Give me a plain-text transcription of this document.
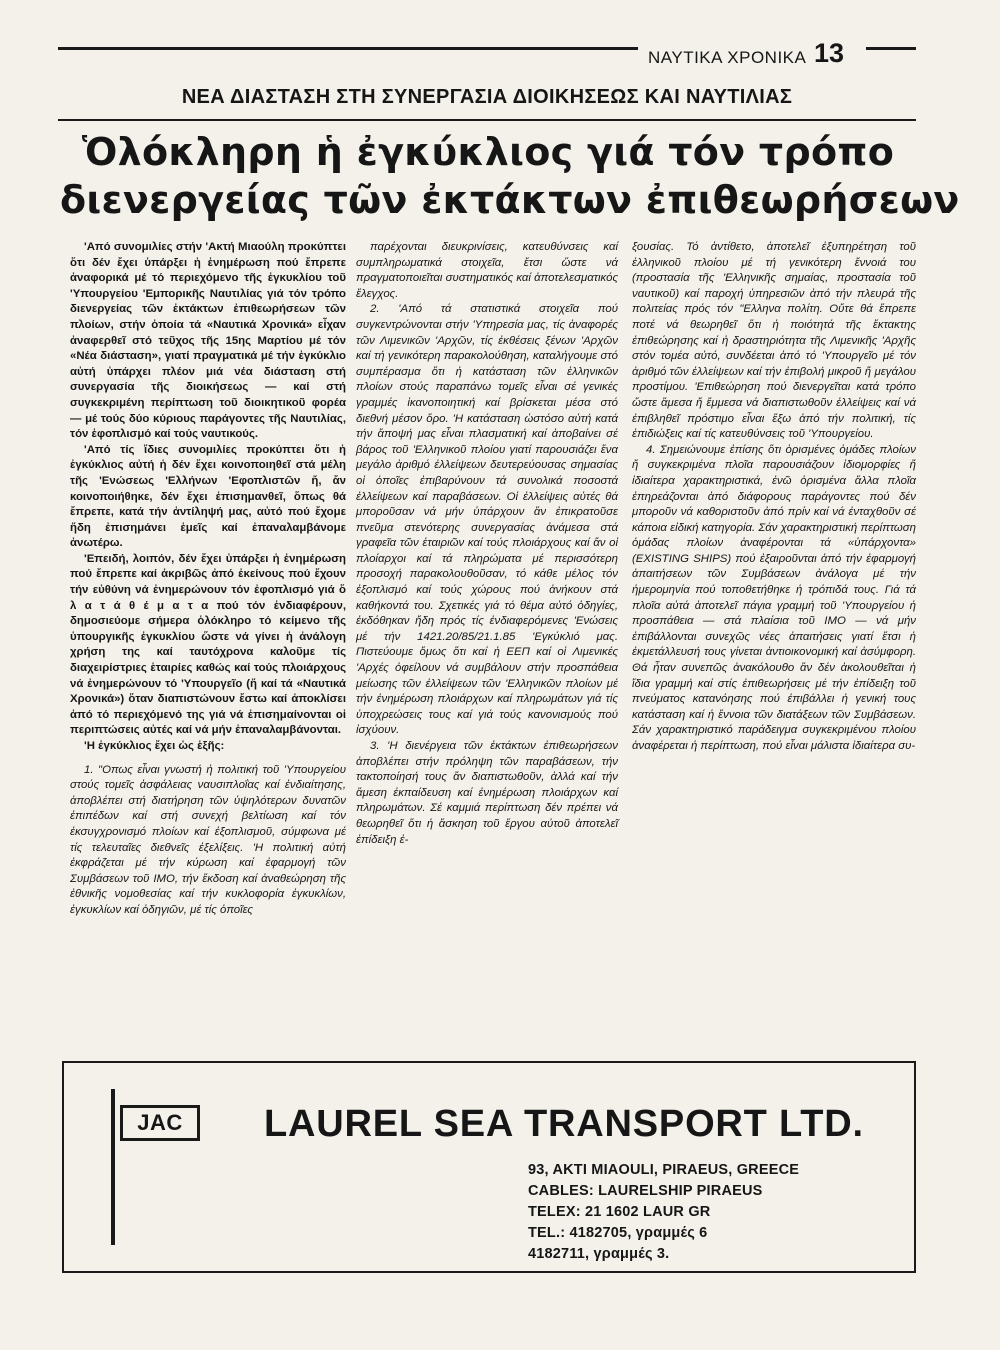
ΝΑΥΤΙΚΑ ΧΡΟΝΙΚΑ 13
ΝΕΑ ΔΙΑΣΤΑΣΗ ΣΤΗ ΣΥΝΕΡΓΑΣΙΑ ΔΙΟΙΚΗΣΕΩΣ ΚΑΙ ΝΑΥΤΙΛΙΑΣ
Ὁλόκληρη ἡ ἐγκύκλιος γιά τόν τρόπο
διενεργείας τῶν ἐκτάκτων ἐπιθεωρήσεων

'Από συνομιλίες στήν 'Ακτή Μιαούλη προκύπτει ὅτι δέν ἔχει ὑπάρξει ἡ ἐνημέρωση πού ἔπρεπε ἀναφορικά μέ τό περιεχόμενο τῆς ἐγκυκλίου τοῦ 'Υπουργείου 'Εμπορικῆς Ναυτιλίας γιά τόν τρόπο διενεργείας τῶν ἐκτάκτων ἐπιθεωρήσεων τῶν πλοίων, στήν ὁποία τά «Ναυτικά Χρονικά» εἶχαν ἀναφερθεῖ στό τεῦχος τῆς 15ης Μαρτίου μέ τόν «Νέα διάσταση», γιατί πραγματικά μέ τήν ἐγκύκλιο αὐτή ὑπάρχει πλέον μιά νέα διάσταση στή συνεργασία τῆς διοικήσεως — καί στή συγκεκριμένη περίπτωση τοῦ διοικητικοῦ φορέα — μέ τούς δύο κύριους παράγοντες τῆς Ναυτιλίας, τόν ἐφοπλισμό καί τούς ναυτικούς.

'Από τίς ἴδιες συνομιλίες προκύπτει ὅτι ἡ ἐγκύκλιος αὐτή ἡ δέν ἔχει κοινοποιηθεῖ στά μέλη τῆς 'Ενώσεως 'Ελλήνων 'Εφοπλιστῶν ἤ, ἄν κοινοποιήθηκε, δέν ἔχει ἐπισημανθεῖ, ὅπως θά ἔπρεπε, κατά τήν ἀντίληψή μας, αὐτό πού ἔχομε ἤδη ἐπισημάνει ἐμεῖς καί ἐπαναλαμβάνομε ἀνωτέρω.

'Επειδή, λοιπόν, δέν ἔχει ὑπάρξει ἡ ἐνημέρωση πού ἔπρεπε καί ἀκριβῶς ἀπό ἐκείνους πού ἔχουν τήν εὐθύνη νά ἐνημερώνουν τόν ἐφοπλισμό γιά ὅ λ α τ ά θ έ μ α τ α πού τόν ἐνδιαφέρουν, δημοσιεύομε σήμερα ὁλόκληρο τό κείμενο τῆς ὑπουργικῆς ἐγκυκλίου ὥστε νά γίνει ἡ ἀνάλογη χρήση της καί ταυτόχρονα καλοῦμε τίς διαχειρίστριες ἑταιρίες καθώς καί τούς πλοιάρχους νά ἐνημερώνουν τό 'Υπουργεῖο (ἤ καί τά «Ναυτικά Χρονικά») ὅταν διαπιστώνουν ἔστω καί ἀποκλίσει ἀπό τό περιεχόμενό της γιά νά ἐπισημαίνονται οἱ περιπτώσεις αὐτές καί νά μήν ἐπαναλαμβάνονται.

'Η ἐγκύκλιος ἔχει ὡς ἑξῆς:

1. "Οπως εἶναι γνωστή ἡ πολιτική τοῦ 'Υπουργείου στούς τομεῖς ἀσφάλειας ναυσιπλοΐας καί ἐνδιαίτησης, ἀποβλέπει στή διατήρηση τῶν ὑψηλότερων δυνατῶν ἐπιπέδων καί στή συνεχή βελτίωση καί τόν ἐκσυγχρονισμό πλοίων καί ἐξοπλισμοῦ, σύμφωνα μέ τίς τελευταῖες διεθνεῖς ἐξελίξεις. 'Η πολιτική αὐτή ἐκφράζεται μέ τήν κύρωση καί ἐφαρμογή τῶν Συμβάσεων τοῦ ΙΜΟ, τήν ἔκδοση καί ἀναθεώρηση τῆς ἐθνικῆς νομοθεσίας καί τήν κυκλοφορία ἐγκυκλίων, ἐγκυκλίων καί ὁδηγιῶν, μέ τίς ὁποῖες

παρέχονται διευκρινίσεις, κατευθύνσεις καί συμπληρωματικά στοιχεῖα, ἔτσι ὥστε νά πραγματοποιεῖται συστηματικός καί ἀποτελεσματικός ἔλεγχος.

2. 'Από τά στατιστικά στοιχεῖα πού συγκεντρώνονται στήν 'Υπηρεσία μας, τίς ἀναφορές τῶν Λιμενικῶν 'Αρχῶν, τίς ἐκθέσεις ξένων 'Αρχῶν καί τή γενικότερη παρακολούθηση, καταλήγουμε στό συμπέρασμα ὅτι ἡ κατάσταση τῶν ἑλληνικῶν πλοίων στούς παραπάνω τομεῖς εἶναι σέ γενικές γραμμές ἱκανοποιητική καί βρίσκεται μέσα στό διεθνή μέσον ὅρο. 'Η κατάσταση ὡστόσο αὐτή κατά τήν ἄποψή μας εἶναι πλασματική καί ἀποβαίνει σέ βάρος τοῦ 'Ελληνικοῦ πλοίου γιατί παρουσιάζει ἕνα μεγάλο ἀριθμό ἐλλείψεων δευτερεύουσας σημασίας οἱ ὁποῖες ἐπιβαρύνουν τά συνολικά ποσοστά ἐλλείψεων καί παραβάσεων. Οἱ ἐλλείψεις αὐτές θά μποροῦσαν νά μήν ὑπάρχουν ἄν ἐπικρατοῦσε πνεῦμα στενότερης συνεργασίας ἀνάμεσα στά γραφεῖα τῶν ἑταιριῶν καί τούς πλοιάρχους καί ἄν οἱ πλοίαρχοι καί τά πληρώματα μέ περισσότερη προσοχή παρακολουθοῦσαν, τό κάθε μέλος τόν ἐξοπλισμό καί τούς χώρους πού ἀνήκουν στά καθήκοντά του. Σχετικές γιά τό θέμα αὐτό ὁδηγίες, ἐκδόθηκαν ἤδη πρός τίς ἐνδιαφερόμενες 'Ενώσεις μέ τήν 1421.20/85/21.1.85 'Εγκύκλιό μας. Πιστεύουμε ὅμως ὅτι καί ἡ ΕΕΠ καί οἱ Λιμενικές 'Αρχές ὀφείλουν νά συμβάλουν στήν προσπάθεια μείωσης τῶν ἐλλείψεων τῶν 'Ελληνικῶν πλοίων μέ τήν ἐνημέρωση πλοιάρχων καί πληρωμάτων γιά τίς ὑποχρεώσεις τους καί γιά τούς κανονισμούς πού ἰσχύουν.

3. 'Η διενέργεια τῶν ἐκτάκτων ἐπιθεωρήσεων ἀποβλέπει στήν πρόληψη τῶν παραβάσεων, τήν τακτοποίησή τους ἄν διαπιστωθοῦν, ἀλλά καί τήν ἄμεση ἐκπαίδευση καί ἐνημέρωση πλοιάρχων καί πληρωμάτων. Σέ καμμιά περίπτωση δέν πρέπει νά θεωρηθεῖ ὅτι ἡ ἄσκηση τοῦ ἔργου αὐτοῦ ἀποτελεῖ ἐπίδειξη ἐ-

ξουσίας. Τό ἀντίθετο, ἀποτελεῖ ἐξυπηρέτηση τοῦ ἑλληνικοῦ πλοίου μέ τή γενικότερη ἔννοιά του (προστασία τῆς 'Ελληνικῆς σημαίας, προστασία τοῦ ναυτικοῦ) καί παροχή ὑπηρεσιῶν ἀπό τήν πλευρά τῆς πολιτείας πρός τόν "Ελληνα πολίτη. Οὔτε θά ἔπρεπε ποτέ νά θεωρηθεῖ ὅτι ἡ ποιότητά τῆς ἔκτακτης ἐπιθεώρησης καί ἡ δραστηριότητα τῆς Λιμενικῆς 'Αρχῆς στόν τομέα αὐτό, συνδέεται ἀπό τό 'Υπουργεῖο μέ τόν ἀριθμό τῶν ἐλλείψεων καί τήν ἐπιβολή μικροῦ ἤ μεγάλου προστίμου. 'Επιθεώρηση πού διενεργεῖται κατά τρόπο ὥστε ἄμεσα ἤ ἔμμεσα νά διαπιστωθοῦν ἐλλείψεις καί νά ἐπιβληθεῖ πρόστιμο εἶναι ἔξω ἀπό τήν πολιτική, τίς ἐπιδιώξεις καί τίς κατευθύνσεις τοῦ 'Υπουργείου.

4. Σημειώνουμε ἐπίσης ὅτι ὁρισμένες ὁμάδες πλοίων ἤ συγκεκριμένα πλοῖα παρουσιάζουν ἰδιομορφίες ἤ ἰδιαίτερα χαρακτηριστικά, ἐνῶ ὁρισμένα ἄλλα πλοῖα ἐπηρεάζονται ἀπό διάφορους παράγοντες πού δέν μποροῦν νά καθοριστοῦν ἀπό πρίν καί νά ἐνταχθοῦν σέ κάποια εἰδική κατηγορία. Σάν χαρακτηριστική περίπτωση ὁμάδας πλοίων ἀναφέρονται τά «ὑπάρχοντα» (EXISTING SHIPS) πού ἐξαιροῦνται ἀπό τήν ἐφαρμογή ἀπαιτήσεων τῶν Συμβάσεων ἀνάλογα μέ τήν ἡμερομηνία πού τοποθετήθηκε ἡ τρόπιδά τους. Γιά τά πλοῖα αὐτά ἀποτελεῖ πάγια γραμμή τοῦ 'Υπουργείου ἡ προσπάθεια — στά πλαίσια τοῦ ΙΜΟ — νά μήν ἐπιβάλλονται συνεχῶς νέες ἀπαιτήσεις γιατί ἔτσι ἡ ἐκμετάλλευσή τους γίνεται ἀντιοικονομική καί ἀσύμφορη. Θά ἦταν συνεπῶς ἀνακόλουθο ἄν δέν ἀκολουθεῖται ἡ ἴδια γραμμή καί στίς ἐπιθεωρήσεις μέ τήν ἐπίδειξη τοῦ πνεύματος κατανόησης πού ἐπιβάλλει ἡ γενική τους κατάσταση καί ἡ ἔννοια τῶν διατάξεων τῶν Συμβάσεων. Σάν χαρακτηριστικό παράδειγμα συγκεκριμένου πλοίου ἀναφέρεται ἡ περίπτωση, πού εἶναι μάλιστα ἰδιαίτερα συ-

JAC LAUREL SEA TRANSPORT LTD.
93, AKTI MIAOULI, PIRAEUS, GREECE
CABLES: LAURELSHIP PIRAEUS
TELEX: 21 1602 LAUR GR
TEL.: 4182705, γραμμές 6
4182711, γραμμές 3.
